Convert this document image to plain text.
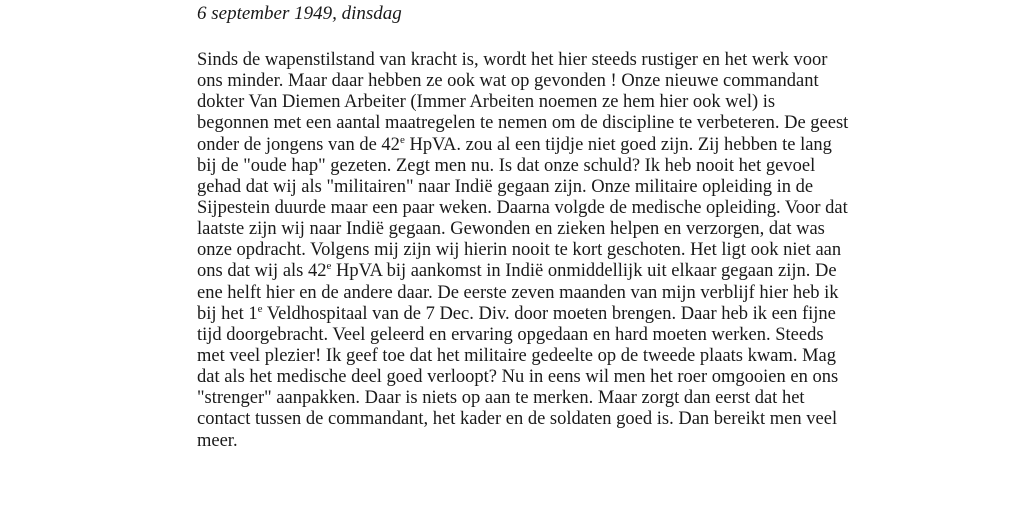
6 september 1949, dinsdag
Sinds de wapenstilstand van kracht is, wordt het hier steeds rustiger en het werk voor
ons minder. Maar daar hebben ze ook wat op gevonden ! Onze nieuwe commandant
dokter Van Diemen Arbeiter (Immer Arbeiten noemen ze hem hier ook wel) is
begonnen met een aantal maatregelen te nemen om de discipline te verbeteren. De geest
onder de jongens van de 42e HpVA. zou al een tijdje niet goed zijn. Zij hebben te lang
bij de "oude hap" gezeten. Zegt men nu. Is dat onze schuld? Ik heb nooit het gevoel
gehad dat wij als "militairen" naar Indië gegaan zijn. Onze militaire opleiding in de
Sijpestein duurde maar een paar weken. Daarna volgde de medische opleiding. Voor dat
laatste zijn wij naar Indië gegaan. Gewonden en zieken helpen en verzorgen, dat was
onze opdracht. Volgens mij zijn wij hierin nooit te kort geschoten. Het ligt ook niet aan
ons dat wij als 42e HpVA bij aankomst in Indië onmiddellijk uit elkaar gegaan zijn. De
ene helft hier en de andere daar. De eerste zeven maanden van mijn verblijf hier heb ik
bij het 1e Veldhospitaal van de 7 Dec. Div. door moeten brengen. Daar heb ik een fijne
tijd doorgebracht. Veel geleerd en ervaring opgedaan en hard moeten werken. Steeds
met veel plezier! Ik geef toe dat het militaire gedeelte op de tweede plaats kwam. Mag
dat als het medische deel goed verloopt? Nu in eens wil men het roer omgooien en ons
"strenger" aanpakken. Daar is niets op aan te merken. Maar zorgt dan eerst dat het
contact tussen de commandant, het kader en de soldaten goed is. Dan bereikt men veel
meer.
